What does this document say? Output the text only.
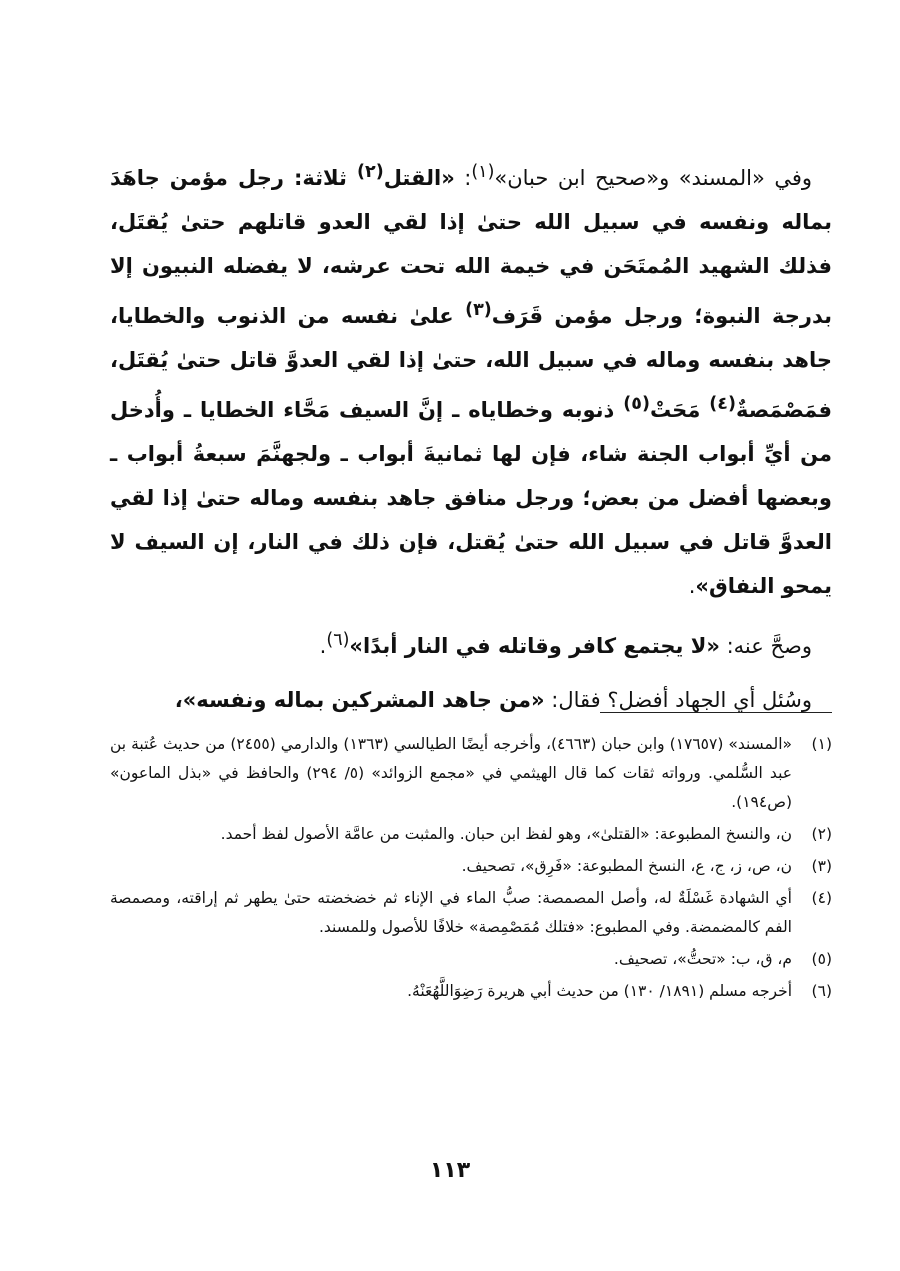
وفي «المسند» و«صحيح ابن حبان»$^{(١)}$: «القتل$^{(٢)}$ ثلاثة: رجل مؤمن جاهَدَ بماله ونفسه في سبيل الله حتىٰ إذا لقي العدو قاتلهم حتىٰ يُقتَل، فذلك الشهيد المُمتَحَن في خيمة الله تحت عرشه، لا يفضله النبيون إلا بدرجة النبوة؛ ورجل مؤمن قَرَف$^{(٣)}$ علىٰ نفسه من الذنوب والخطايا، جاهد بنفسه وماله في سبيل الله، حتىٰ إذا لقي العدوَّ قاتل حتىٰ يُقتَل، فمَصْمَصةٌ$^{(٤)}$ مَحَتْ$^{(٥)}$ ذنوبه وخطاياه ـ إنَّ السيف مَحَّاء الخطايا ـ وأُدخل من أيِّ أبواب الجنة شاء، فإن لها ثمانيةَ أبواب ـ ولجهنَّمَ سبعةُ أبواب ـ وبعضها أفضل من بعض؛ ورجل منافق جاهد بنفسه وماله حتىٰ إذا لقي العدوَّ قاتل في سبيل الله حتىٰ يُقتل، فإن ذلك في النار، إن السيف لا يمحو النفاق».

وصحَّ عنه: «لا يجتمع كافر وقاتله في النار أبدًا»$^{(٦)}$.

وسُئل أي الجهاد أفضل؟ فقال: «من جاهد المشركين بماله ونفسه»،

(١)
«المسند» (١٧٦٥٧) وابن حبان (٤٦٦٣)، وأخرجه أيضًا الطيالسي (١٣٦٣) والدارمي (٢٤٥٥) من حديث عُتبة بن عبد السُّلمي. ورواته ثقات كما قال الهيثمي في «مجمع الزوائد» (٥/ ٢٩٤) والحافظ في «بذل الماعون» (ص١٩٤).
(٢)
ن، والنسخ المطبوعة: «القتلىٰ»، وهو لفظ ابن حبان. والمثبت من عامَّة الأصول لفظ أحمد.
(٣)
ن، ص، ز، ج، ع، النسخ المطبوعة: «فَرِق»، تصحيف.
(٤)
أي الشهادة غَسْلَةٌ له، وأصل المصمصة: صبُّ الماء في الإناء ثم خضخضته حتىٰ يطهر ثم إراقته، ومصمصة الفم كالمضمضة. وفي المطبوع: «فتلك مُمَصْمِصة» خلافًا للأصول وللمسند.
(٥)
م، ق، ب: «تحتُّ»، تصحيف.
(٦)
أخرجه مسلم (١٨٩١/ ١٣٠) من حديث أبي هريرة رَضِوَاللَّهُعَنْهُ.
١١٣
